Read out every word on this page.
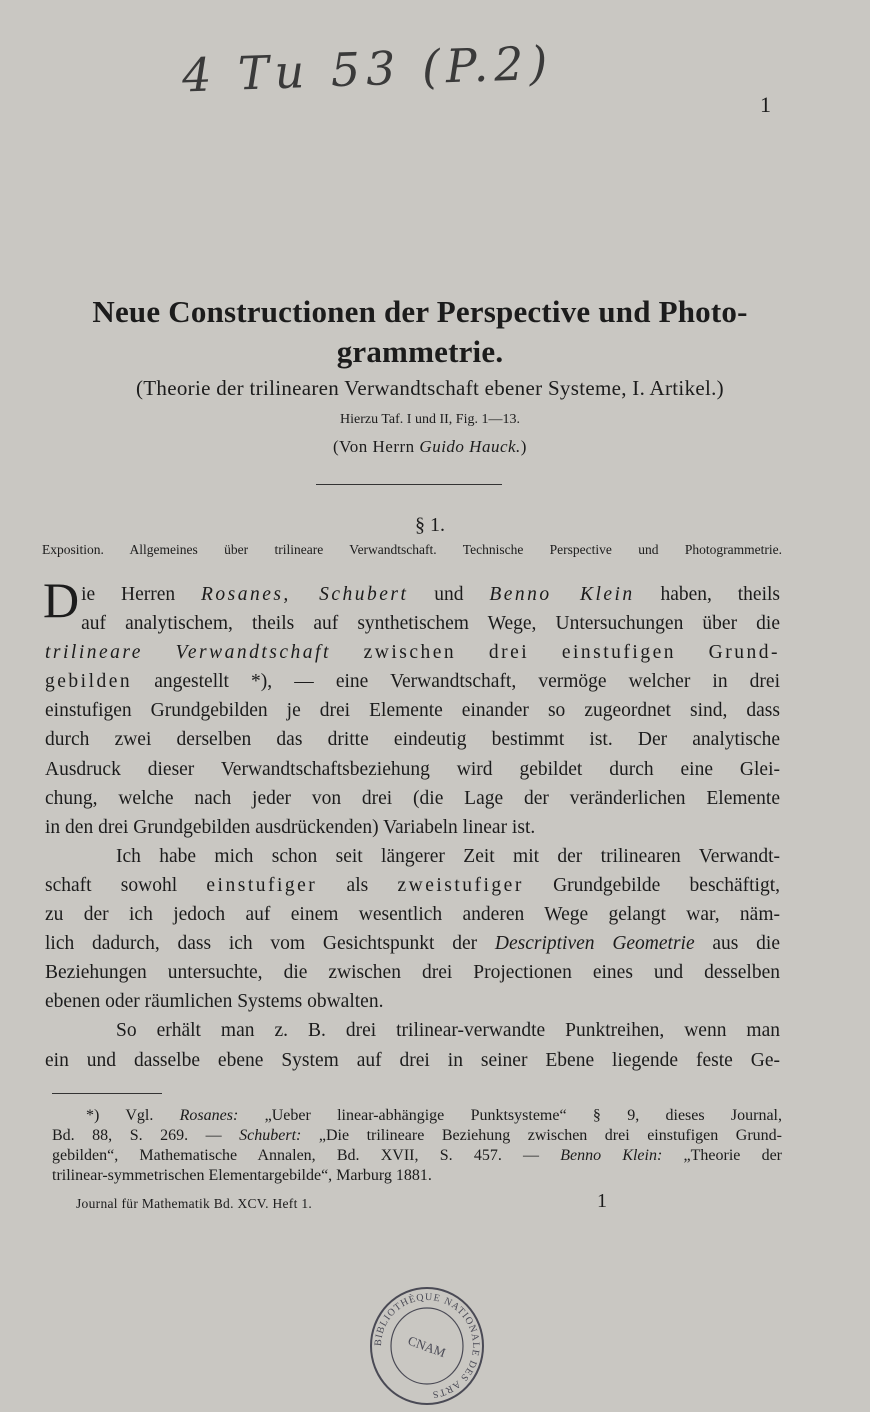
4 Tu 53 (P.2)
1
Neue Constructionen der Perspective und Photo-
grammetrie.
(Theorie der trilinearen Verwandtschaft ebener Systeme, I. Artikel.)
Hierzu Taf. I und II, Fig. 1—13.
(Von Herrn Guido Hauck.)
§ 1.
Exposition. Allgemeines über trilineare Verwandtschaft. Technische Perspective und Photogrammetrie.

D ie Herren Rosanes, Schubert und Benno Klein haben, theils
auf analytischem, theils auf synthetischem Wege, Untersuchungen über die
trilineare Verwandtschaft zwischen drei einstufigen Grund-
gebilden angestellt *), — eine Verwandtschaft, vermöge welcher in drei
einstufigen Grundgebilden je drei Elemente einander so zugeordnet sind, dass
durch zwei derselben das dritte eindeutig bestimmt ist. Der analytische
Ausdruck dieser Verwandtschaftsbeziehung wird gebildet durch eine Glei-
chung, welche nach jeder von drei (die Lage der veränderlichen Elemente
in den drei Grundgebilden ausdrückenden) Variabeln linear ist.

Ich habe mich schon seit längerer Zeit mit der trilinearen Verwandt-
schaft sowohl einstufiger als zweistufiger Grundgebilde beschäftigt,
zu der ich jedoch auf einem wesentlich anderen Wege gelangt war, näm-
lich dadurch, dass ich vom Gesichtspunkt der Descriptiven Geometrie aus die
Beziehungen untersuchte, die zwischen drei Projectionen eines und desselben
ebenen oder räumlichen Systems obwalten.

So erhält man z. B. drei trilinear-verwandte Punktreihen, wenn man
ein und dasselbe ebene System auf drei in seiner Ebene liegende feste Ge-

*) Vgl. Rosanes: „Ueber linear-abhängige Punktsysteme“ § 9, dieses Journal,
Bd. 88, S. 269. — Schubert: „Die trilineare Beziehung zwischen drei einstufigen Grund-
gebilden“, Mathematische Annalen, Bd. XVII, S. 457. — Benno Klein: „Theorie der
trilinear-symmetrischen Elementargebilde“, Marburg 1881.
Journal für Mathematik Bd. XCV. Heft 1.	1
BIBLIOTHÈQUE NATIONALE DES ARTS
CNAM
